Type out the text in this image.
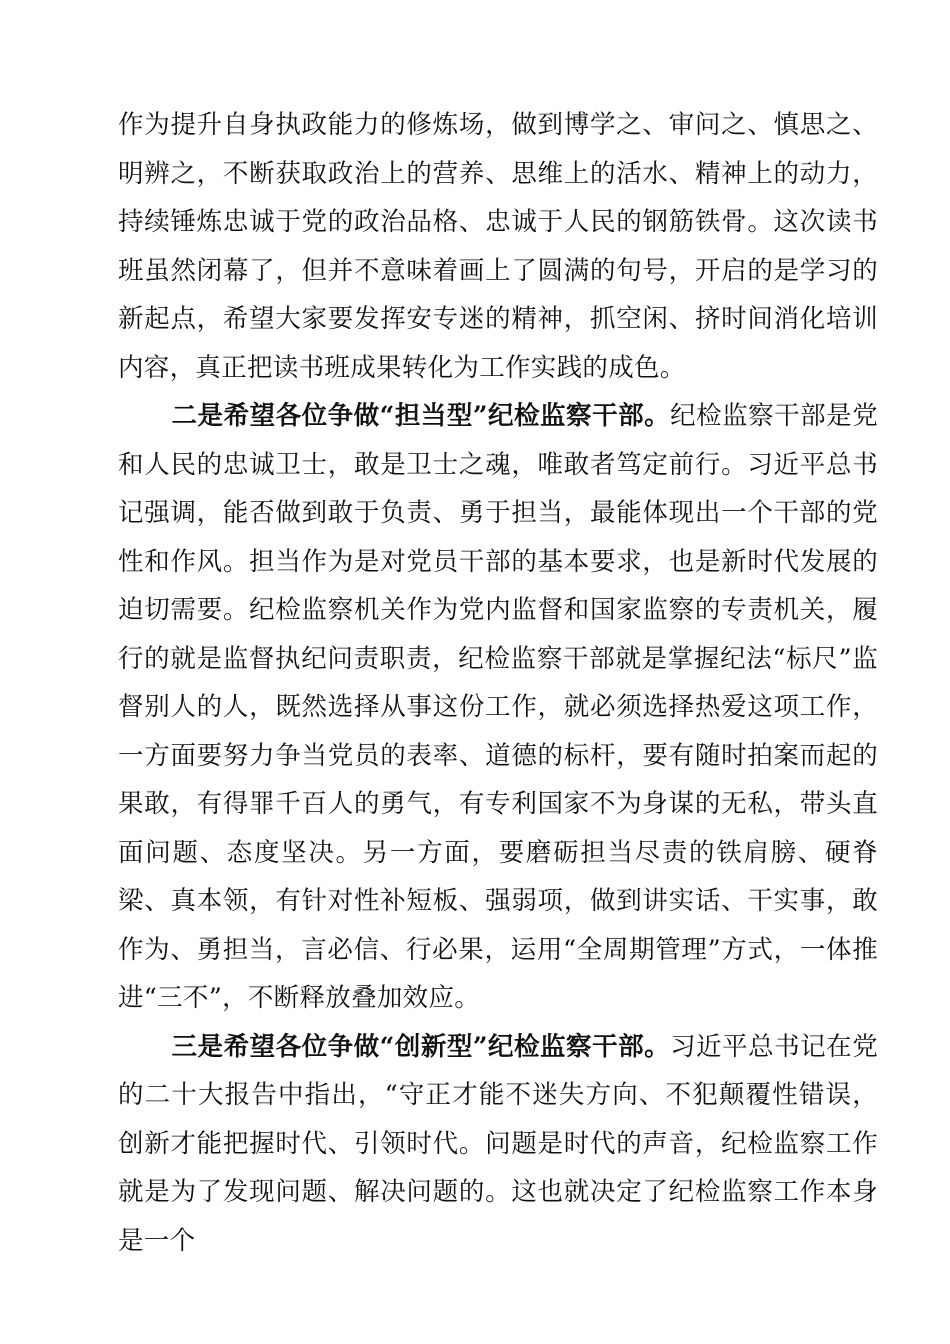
作为提升自身执政能力的修炼场，做到博学之、审问之、慎思之、明辨之，不断获取政治上的营养、思维上的活水、精神上的动力，持续锤炼忠诚于党的政治品格、忠诚于人民的钢筋铁骨。这次读书班虽然闭幕了，但并不意味着画上了圆满的句号，开启的是学习的新起点，希望大家要发挥安专迷的精神，抓空闲、挤时间消化培训内容，真正把读书班成果转化为工作实践的成色。

二是希望各位争做“担当型”纪检监察干部。纪检监察干部是党和人民的忠诚卫士，敢是卫士之魂，唯敢者笃定前行。习近平总书记强调，能否做到敢于负责、勇于担当，最能体现出一个干部的党性和作风。担当作为是对党员干部的基本要求，也是新时代发展的迫切需要。纪检监察机关作为党内监督和国家监察的专责机关，履行的就是监督执纪问责职责，纪检监察干部就是掌握纪法“标尺”监督别人的人，既然选择从事这份工作，就必须选择热爱这项工作，一方面要努力争当党员的表率、道德的标杆，要有随时拍案而起的果敢，有得罪千百人的勇气，有专利国家不为身谋的无私，带头直面问题、态度坚决。另一方面，要磨砺担当尽责的铁肩膀、硬脊梁、真本领，有针对性补短板、强弱项，做到讲实话、干实事，敢作为、勇担当，言必信、行必果，运用“全周期管理”方式，一体推进“三不”，不断释放叠加效应。

三是希望各位争做“创新型”纪检监察干部。习近平总书记在党的二十大报告中指出，“守正才能不迷失方向、不犯颠覆性错误，创新才能把握时代、引领时代。问题是时代的声音，纪检监察工作就是为了发现问题、解决问题的。这也就决定了纪检监察工作本身是一个
